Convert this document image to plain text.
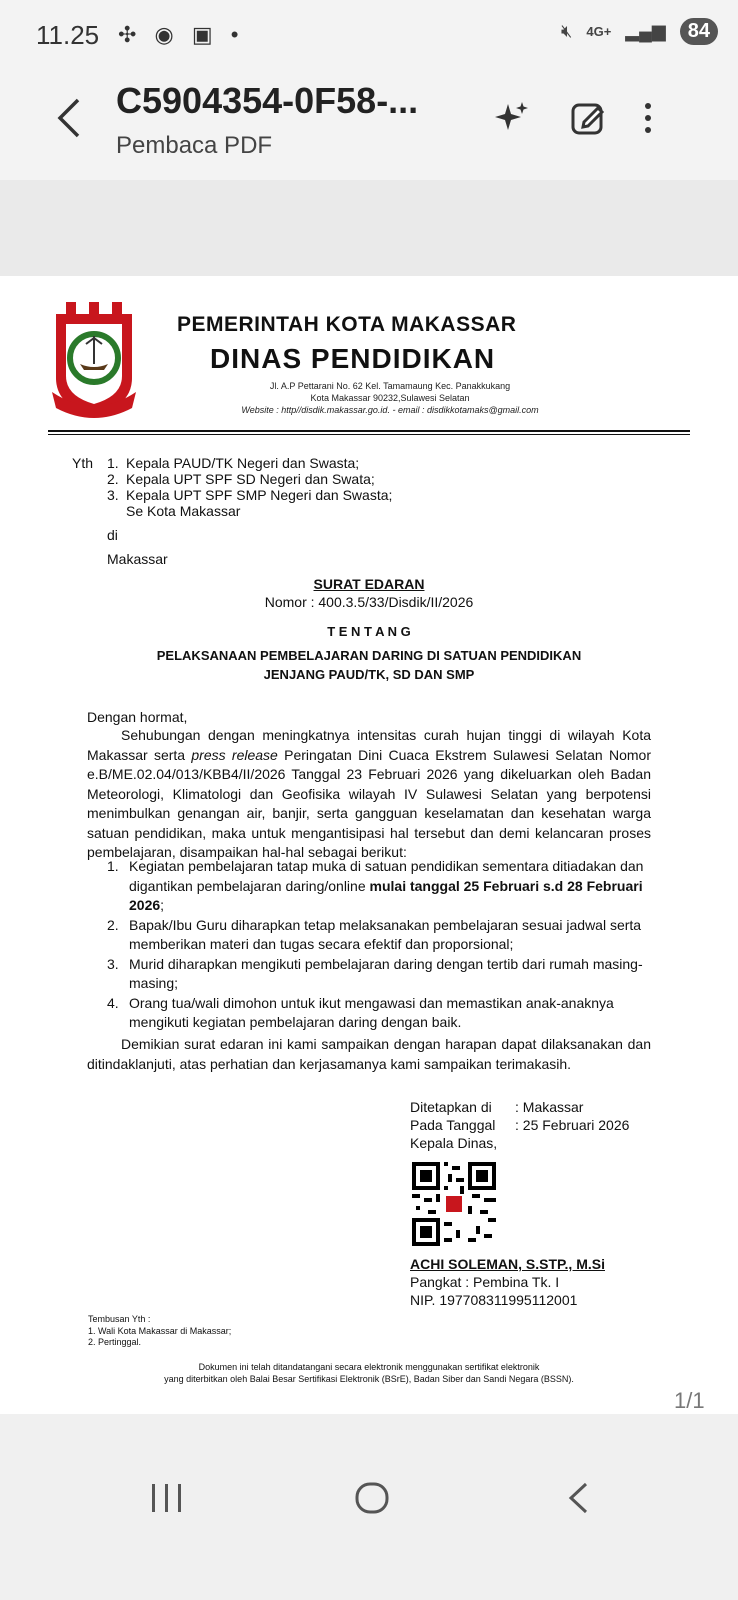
11.25 ✣ ◉ ▣ •	🔇︎ 4G+ ▂▄▆	84
C5904354-0F58-...
Pembaca PDF
PEMERINTAH KOTA MAKASSAR
DINAS PENDIDIKAN
Jl. A.P Pettarani No. 62 Kel. Tamamaung Kec. Panakkukang
Kota Makassar 90232,Sulawesi Selatan
Website : http//disdik.makassar.go.id. - email : disdikkotamaks@gmail.com
Yth 1. Kepala PAUD/TK Negeri dan Swasta;
2. Kepala UPT SPF SD Negeri dan Swata;
3. Kepala UPT SPF SMP Negeri dan Swasta;
Se Kota Makassar
di
Makassar
SURAT EDARAN
Nomor : 400.3.5/33/Disdik/II/2026
T E N T A N G
PELAKSANAAN PEMBELAJARAN DARING DI SATUAN PENDIDIKAN
JENJANG PAUD/TK, SD DAN SMP
Dengan hormat,
Sehubungan dengan meningkatnya intensitas curah hujan tinggi di wilayah Kota Makassar serta press release Peringatan Dini Cuaca Ekstrem Sulawesi Selatan Nomor e.B/ME.02.04/013/KBB4/II/2026 Tanggal 23 Februari 2026 yang dikeluarkan oleh Badan Meteorologi, Klimatologi dan Geofisika wilayah IV Sulawesi Selatan yang berpotensi menimbulkan genangan air, banjir, serta gangguan keselamatan dan kesehatan warga satuan pendidikan, maka untuk mengantisipasi hal tersebut dan demi kelancaran proses pembelajaran, disampaikan hal-hal sebagai berikut:
1. Kegiatan pembelajaran tatap muka di satuan pendidikan sementara ditiadakan dan digantikan pembelajaran daring/online mulai tanggal 25 Februari s.d 28 Februari 2026;
2. Bapak/Ibu Guru diharapkan tetap melaksanakan pembelajaran sesuai jadwal serta memberikan materi dan tugas secara efektif dan proporsional;
3. Murid diharapkan mengikuti pembelajaran daring dengan tertib dari rumah masing-masing;
4. Orang tua/wali dimohon untuk ikut mengawasi dan memastikan anak-anaknya mengikuti kegiatan pembelajaran daring dengan baik.
Demikian surat edaran ini kami sampaikan dengan harapan dapat dilaksanakan dan ditindaklanjuti, atas perhatian dan kerjasamanya kami sampaikan terimakasih.
Ditetapkan di : Makassar
Pada Tanggal : 25 Februari 2026
Kepala Dinas,
ACHI SOLEMAN, S.STP., M.Si
Pangkat : Pembina Tk. I
NIP. 197708311995112001
Tembusan Yth :
1. Wali Kota Makassar di Makassar;
2. Pertinggal.
Dokumen ini telah ditandatangani secara elektronik menggunakan sertifikat elektronik
yang diterbitkan oleh Balai Besar Sertifikasi Elektronik (BSrE), Badan Siber dan Sandi Negara (BSSN).
1/1
